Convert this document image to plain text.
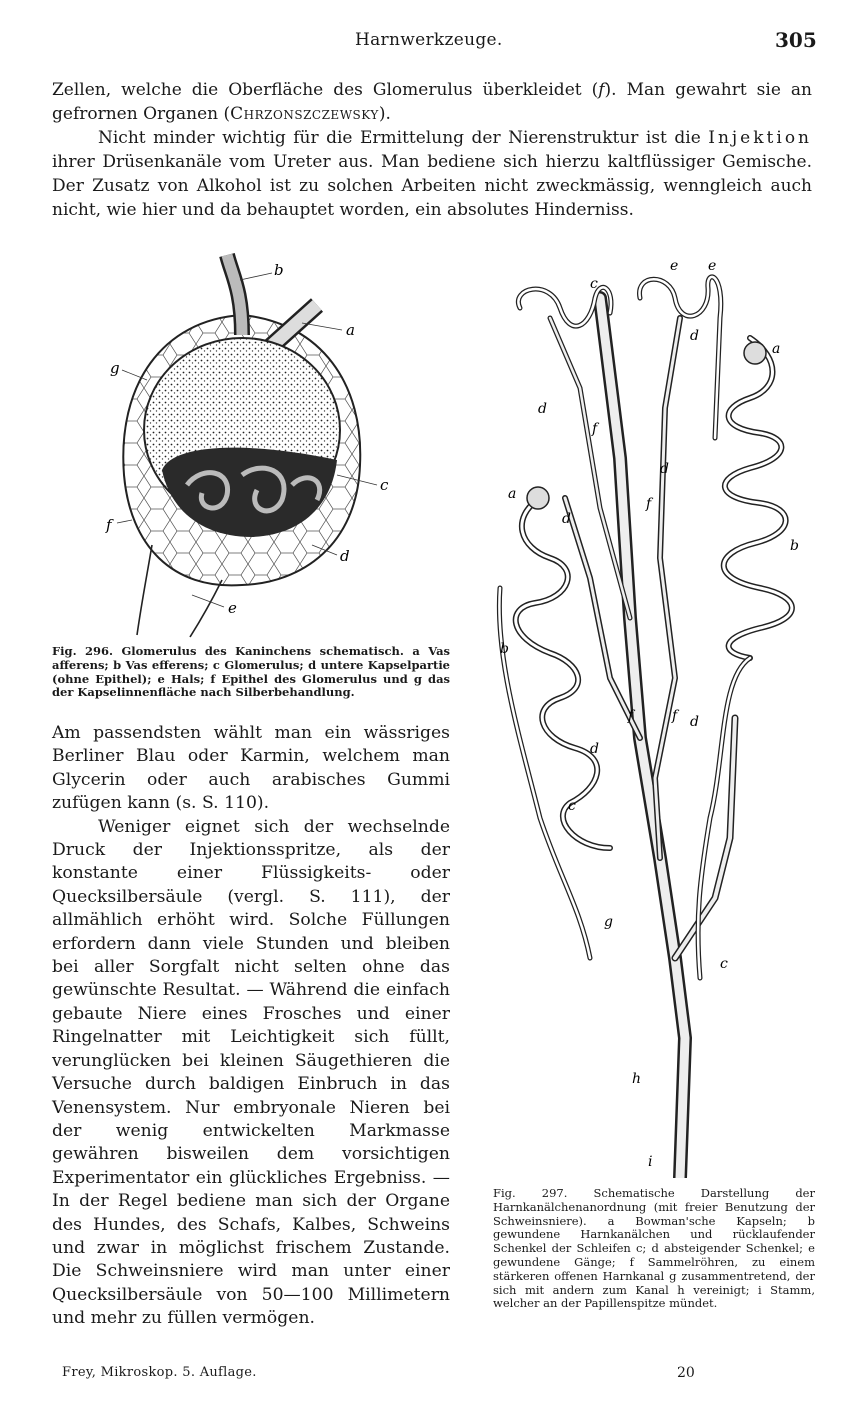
Harnwerkzeuge.	305

Zellen, welche die Oberfläche des Glomerulus überkleidet (f). Man gewahrt sie an gefrornen Organen (Chrzonszczewsky).

Nicht minder wichtig für die Ermittelung der Nierenstruktur ist die Injektion ihrer Drüsenkanäle vom Ureter aus. Man bediene sich hierzu kaltflüssiger Gemische. Der Zusatz von Alkohol ist zu solchen Arbeiten nicht zweckmässig, wenngleich auch nicht, wie hier und da behauptet worden, ein absolutes Hinderniss.

b
a
g
c
f
d
e

Fig. 296. Glomerulus des Kaninchens schematisch. a Vas afferens; b Vas efferens; c Glomerulus; d untere Kapselpartie (ohne Epithel); e Hals; f Epithel des Glomerulus und g das der Kapselinnenfläche nach Silberbehandlung.

e e
c
d
a
d
f
d
f
a
d
b
b
f	f
d
d
c
g
c
h
i

Fig. 297. Schematische Darstellung der Harnkanälchenanordnung (mit freier Benutzung der Schweinsniere). a Bowman'sche Kapseln; b gewundene Harnkanälchen und rücklaufender Schenkel der Schleifen c; d absteigender Schenkel; e gewundene Gänge; f Sammelröhren, zu einem stärkeren offenen Harnkanal g zusammentretend, der sich mit andern zum Kanal h vereinigt; i Stamm, welcher an der Papillenspitze mündet.

Am passendsten wählt man ein wässriges Berliner Blau oder Karmin, welchem man Glycerin oder auch arabisches Gummi zufügen kann (s. S. 110).

Weniger eignet sich der wechselnde Druck der Injektionsspritze, als der konstante einer Flüssigkeits- oder Quecksilbersäule (vergl. S. 111), der allmählich erhöht wird. Solche Füllungen erfordern dann viele Stunden und bleiben bei aller Sorgfalt nicht selten ohne das gewünschte Resultat. — Während die einfach gebaute Niere eines Frosches und einer Ringelnatter mit Leichtigkeit sich füllt, verunglücken bei kleinen Säugethieren die Versuche durch baldigen Einbruch in das Venensystem. Nur embryonale Nieren bei der wenig entwickelten Markmasse gewähren bisweilen dem vorsichtigen Experimentator ein glückliches Ergebniss. — In der Regel bediene man sich der Organe des Hundes, des Schafs, Kalbes, Schweins und zwar in möglichst frischem Zustande. Die Schweinsniere wird man unter einer Quecksilbersäule von 50—100 Millimetern und mehr zu füllen vermögen.

Frey, Mikroskop. 5. Auflage.	20
